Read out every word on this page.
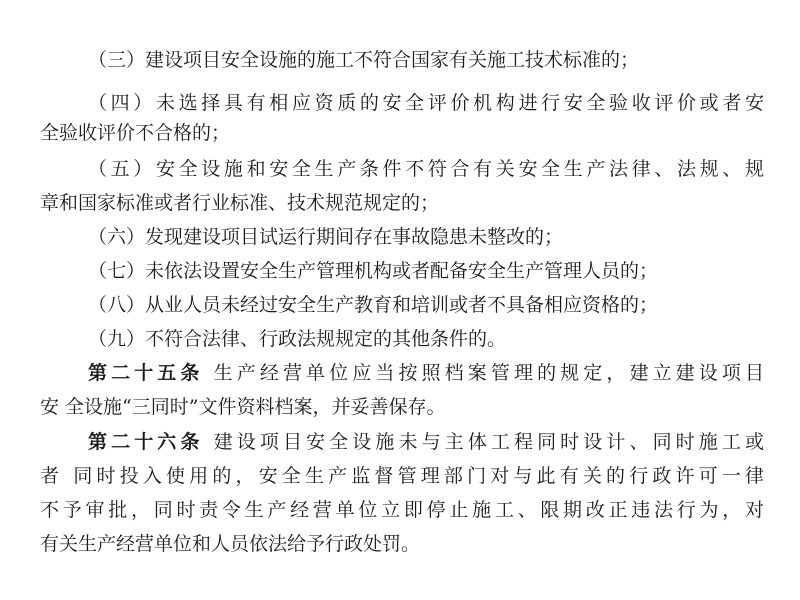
（三）建设项目安全设施的施工不符合国家有关施工技术标准的；
（四）未选择具有相应资质的安全评价机构进行安全验收评价或者安
全验收评价不合格的；
（五）安全设施和安全生产条件不符合有关安全生产法律、法规、规
章和国家标准或者行业标准、技术规范规定的；
（六）发现建设项目试运行期间存在事故隐患未整改的；
（七）未依法设置安全生产管理机构或者配备安全生产管理人员的；
（八）从业人员未经过安全生产教育和培训或者不具备相应资格的；
（九）不符合法律、行政法规规定的其他条件的。
第二十五条 生产经营单位应当按照档案管理的规定，建立建设项目
安 全设施“三同时”文件资料档案，并妥善保存。
第二十六条 建设项目安全设施未与主体工程同时设计、同时施工或
者 同时投入使用的，安全生产监督管理部门对与此有关的行政许可一律
不予审批，同时责令生产经营单位立即停止施工、限期改正违法行为，对
有关生产经营单位和人员依法给予行政处罚。
